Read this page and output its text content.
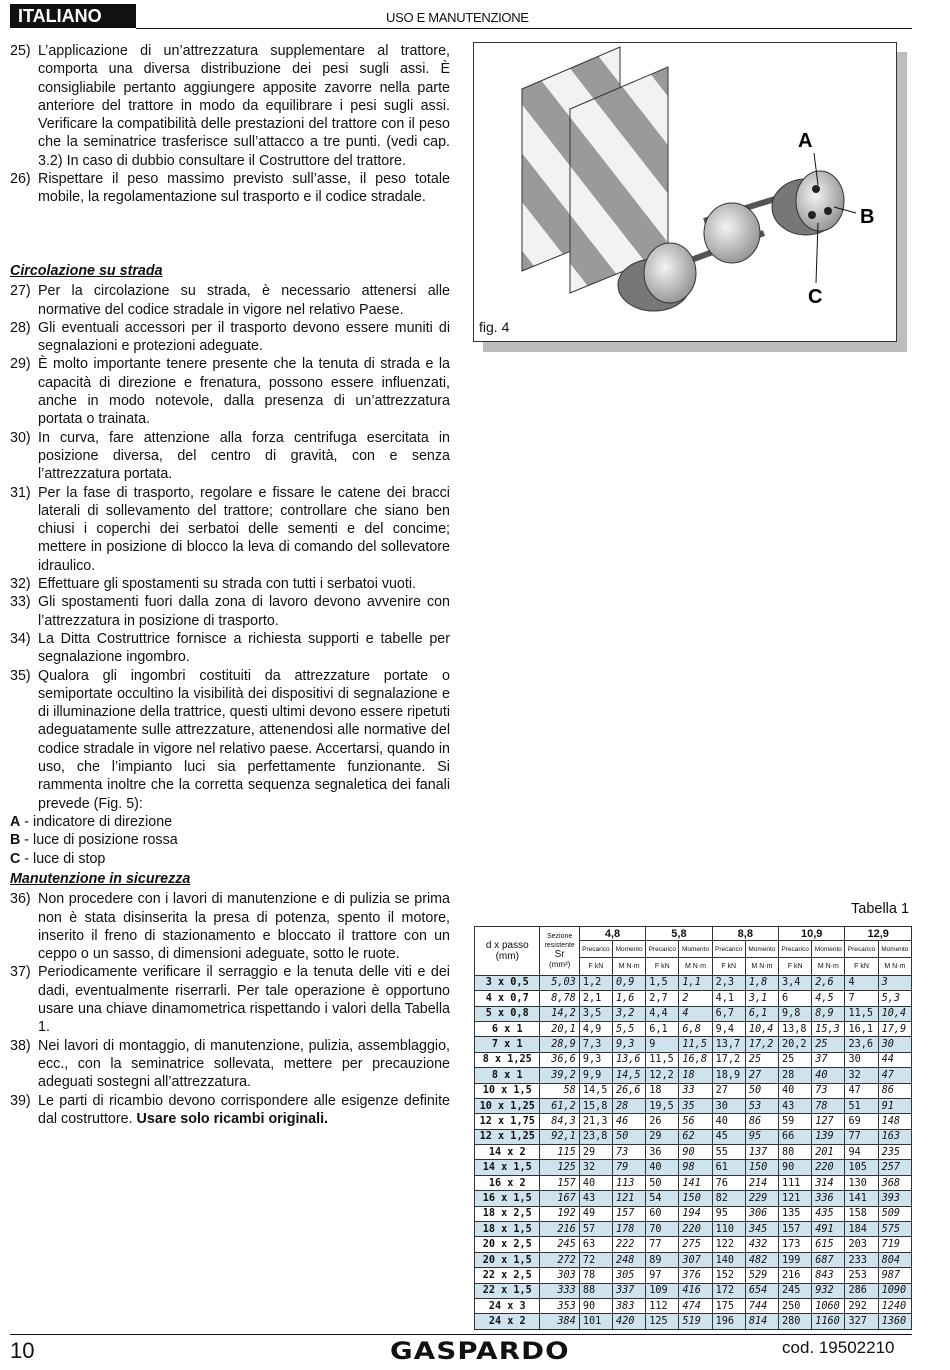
ITALIANO	USO E MANUTENZIONE
25) L’applicazione di un’attrezzatura supplementare al trattore, comporta una diversa distribuzione dei pesi sugli assi. È consigliabile pertanto aggiungere apposite zavorre nella parte anteriore del trattore in modo da equilibrare i pesi sugli assi. Verificare la compatibilità delle prestazioni del trattore con il peso che la seminatrice trasferisce sull’attacco a tre punti. (vedi cap. 3.2) In caso di dubbio consultare il Costruttore del trattore.
26) Rispettare il peso massimo previsto sull’asse, il peso totale mobile, la regolamentazione sul trasporto e il codice stradale.
Circolazione su strada
27) Per la circolazione su strada, è necessario attenersi alle normative del codice stradale in vigore nel relativo Paese.
28) Gli eventuali accessori per il trasporto devono essere muniti di segnalazioni e protezioni adeguate.
29) È molto importante tenere presente che la tenuta di strada e la capacità di direzione e frenatura, possono essere influenzati, anche in modo notevole, dalla presenza di un’attrezzatura portata o trainata.
30) In curva, fare attenzione alla forza centrifuga esercitata in posizione diversa, del centro di gravità, con e senza l’attrezzatura portata.
31) Per la fase di trasporto, regolare e fissare le catene dei bracci laterali di sollevamento del trattore; controllare che siano ben chiusi i coperchi dei serbatoi delle sementi e del concime; mettere in posizione di blocco la leva di comando del sollevatore idraulico.
32) Effettuare gli spostamenti su strada con tutti i serbatoi vuoti.
33) Gli spostamenti fuori dalla zona di lavoro devono avvenire con l’attrezzatura in posizione di trasporto.
34) La Ditta Costruttrice fornisce a richiesta supporti e tabelle per segnalazione ingombro.
35) Qualora gli ingombri costituiti da attrezzature portate o semiportate occultino la visibilità dei dispositivi di segnalazione e di illuminazione della trattrice, questi ultimi devono essere ripetuti adeguatamente sulle attrezzature, attenendosi alle normative del codice stradale in vigore nel relativo paese. Accertarsi, quando in uso, che l’impianto luci sia perfettamente funzionante. Si rammenta inoltre che la corretta sequenza segnaletica dei fanali prevede (Fig. 5):
A - indicatore di direzione
B - luce di posizione rossa
C - luce di stop
Manutenzione in sicurezza
36) Non procedere con i lavori di manutenzione e di pulizia se prima non è stata disinserita la presa di potenza, spento il motore, inserito il freno di stazionamento e bloccato il trattore con un ceppo o un sasso, di dimensioni adeguate, sotto le ruote.
37) Periodicamente verificare il serraggio e la tenuta delle viti e dei dadi, eventualmente riserrarli. Per tale operazione è opportuno usare una chiave dinamometrica rispettando i valori della Tabella 1.
38) Nei lavori di montaggio, di manutenzione, pulizia, assemblaggio, ecc., con la seminatrice sollevata, mettere per precauzione adeguati sostegni all’attrezzatura.
39) Le parti di ricambio devono corrispondere alle esigenze definite dal costruttore. Usare solo ricambi originali.
A
B
C
fig. 4
Tabella 1
d x passo
(mm)	Sezione
resistente
Sr
(mm²)	4,8		5,8		8,8		10,9		12,9	
		Precarico	Momento	Precarico	Momento	Precarico	Momento	Precarico	Momento	Precarico	Momento
		F kN	M N·m	F kN	M N·m	F kN	M N·m	F kN	M N·m	F kN	M N·m
3 x 0,5	5,03	1,2	0,9	1,5	1,1	2,3	1,8	3,4	2,6	4	3
4 x 0,7	8,78	2,1	1,6	2,7	2	4,1	3,1	6	4,5	7	5,3
5 x 0,8	14,2	3,5	3,2	4,4	4	6,7	6,1	9,8	8,9	11,5	10,4
6 x 1	20,1	4,9	5,5	6,1	6,8	9,4	10,4	13,8	15,3	16,1	17,9
7 x 1	28,9	7,3	9,3	9	11,5	13,7	17,2	20,2	25	23,6	30
8 x 1,25	36,6	9,3	13,6	11,5	16,8	17,2	25	25	37	30	44
8 x 1	39,2	9,9	14,5	12,2	18	18,9	27	28	40	32	47
10 x 1,5	58	14,5	26,6	18	33	27	50	40	73	47	86
10 x 1,25	61,2	15,8	28	19,5	35	30	53	43	78	51	91
12 x 1,75	84,3	21,3	46	26	56	40	86	59	127	69	148
12 x 1,25	92,1	23,8	50	29	62	45	95	66	139	77	163
14 x 2	115	29	73	36	90	55	137	80	201	94	235
14 x 1,5	125	32	79	40	98	61	150	90	220	105	257
16 x 2	157	40	113	50	141	76	214	111	314	130	368
16 x 1,5	167	43	121	54	150	82	229	121	336	141	393
18 x 2,5	192	49	157	60	194	95	306	135	435	158	509
18 x 1,5	216	57	178	70	220	110	345	157	491	184	575
20 x 2,5	245	63	222	77	275	122	432	173	615	203	719
20 x 1,5	272	72	248	89	307	140	482	199	687	233	804
22 x 2,5	303	78	305	97	376	152	529	216	843	253	987
22 x 1,5	333	88	337	109	416	172	654	245	932	286	1090
24 x 3	353	90	383	112	474	175	744	250	1060	292	1240
24 x 2	384	101	420	125	519	196	814	280	1160	327	1360
10	GASPARDO	cod. 19502210
